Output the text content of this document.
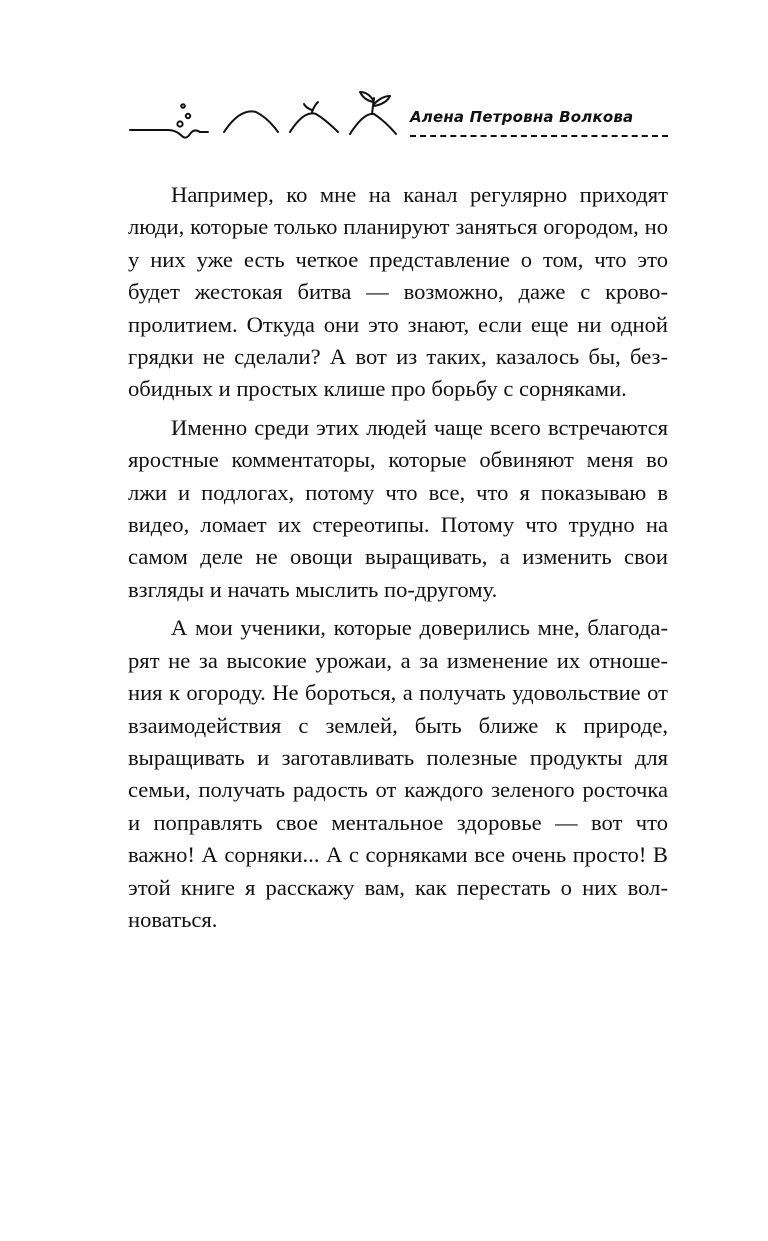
Алена Петровна Волкова

Например, ко мне на канал регулярно приходят люди, которые только планируют заняться огородом, но у них уже есть четкое представление о том, что это будет жестокая битва — возможно, даже с кровопролитием. Откуда они это знают, если еще ни одной грядки не сделали? А вот из таких, казалось бы, безобидных и простых клише про борьбу с сорняками.

Именно среди этих людей чаще всего встречаются яростные комментаторы, которые обвиняют меня во лжи и подлогах, потому что все, что я показываю в видео, ломает их стереотипы. Потому что трудно на самом деле не овощи выращивать, а изменить свои взгляды и начать мыслить по-другому.

А мои ученики, которые доверились мне, благодарят не за высокие урожаи, а за изменение их отношения к огороду. Не бороться, а получать удовольствие от взаимодействия с землей, быть ближе к природе, выращивать и заготавливать полезные продукты для семьи, получать радость от каждого зеленого росточка и поправлять свое ментальное здоровье — вот что важно! А сорняки... А с сорняками все очень просто! В этой книге я расскажу вам, как перестать о них волноваться.
